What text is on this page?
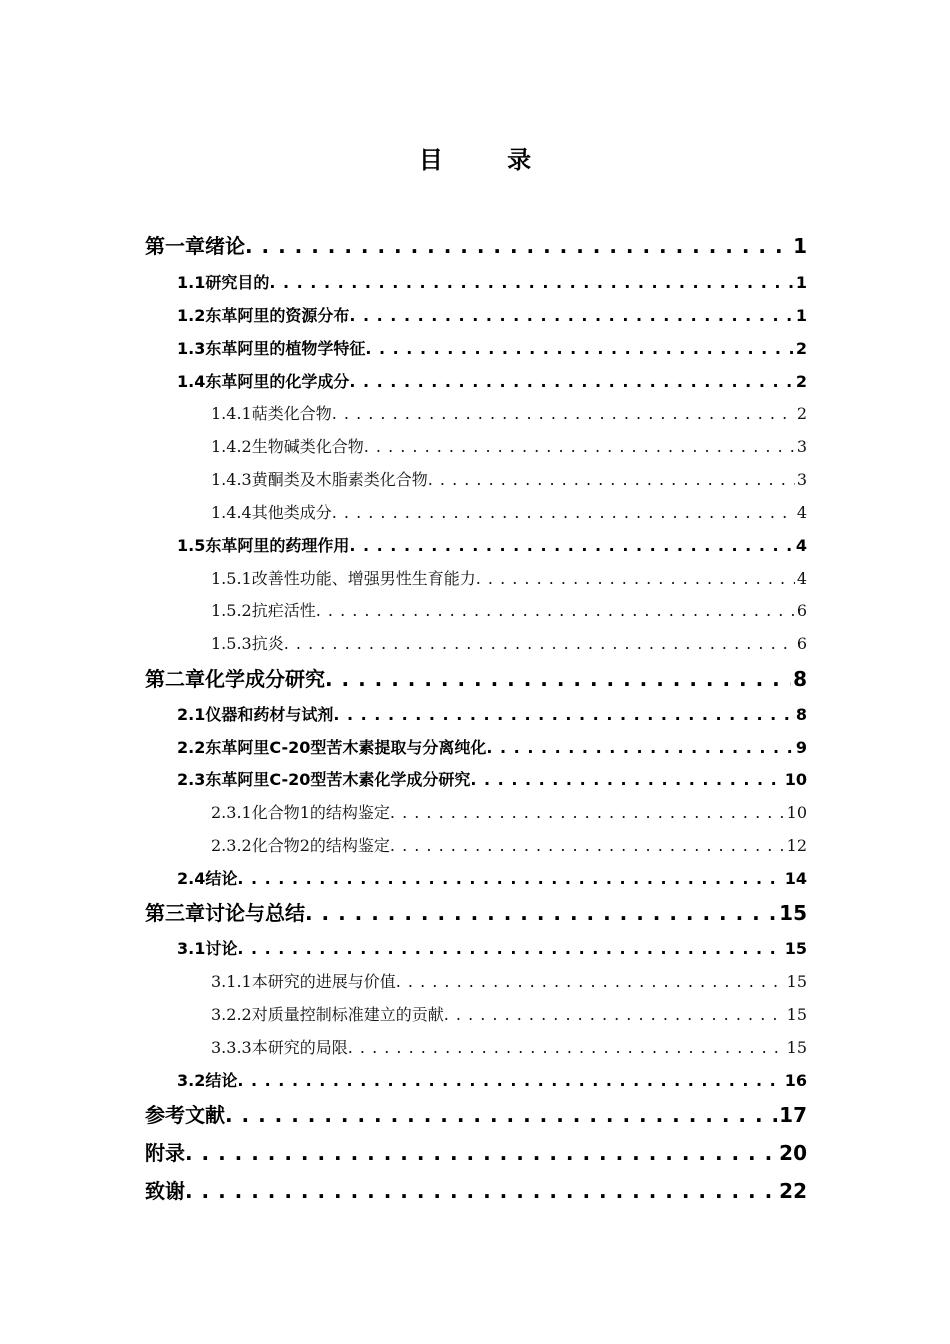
目 录
第一章绪论 . . .	1
1.1研究目的 . . .	1
1.2东革阿里的资源分布 . . .	1
1.3东革阿里的植物学特征 . . .	2
1.4东革阿里的化学成分 . . .	2
1.4.1萜类化合物 . . .	2
1.4.2生物碱类化合物 . . .	3
1.4.3黄酮类及木脂素类化合物 . . .	3
1.4.4其他类成分 . . .	4
1.5东革阿里的药理作用 . . .	4
1.5.1改善性功能、增强男性生育能力 . . .	4
1.5.2抗疟活性 . . .	6
1.5.3抗炎 . . .	6
第二章化学成分研究 . . .	8
2.1仪器和药材与试剂 . . .	8
2.2东革阿里C-20型苦木素提取与分离纯化 . . .	9
2.3东革阿里C-20型苦木素化学成分研究 . . .	10
2.3.1化合物1的结构鉴定 . . .	10
2.3.2化合物2的结构鉴定 . . .	12
2.4结论 . . .	14
第三章讨论与总结 . . .	15
3.1讨论 . . .	15
3.1.1本研究的进展与价值 . . .	15
3.2.2对质量控制标准建立的贡献 . . .	15
3.3.3本研究的局限 . . .	15
3.2结论 . . .	16
参考文献 . . .	17
附录 . . .	20
致谢 . . .	22
